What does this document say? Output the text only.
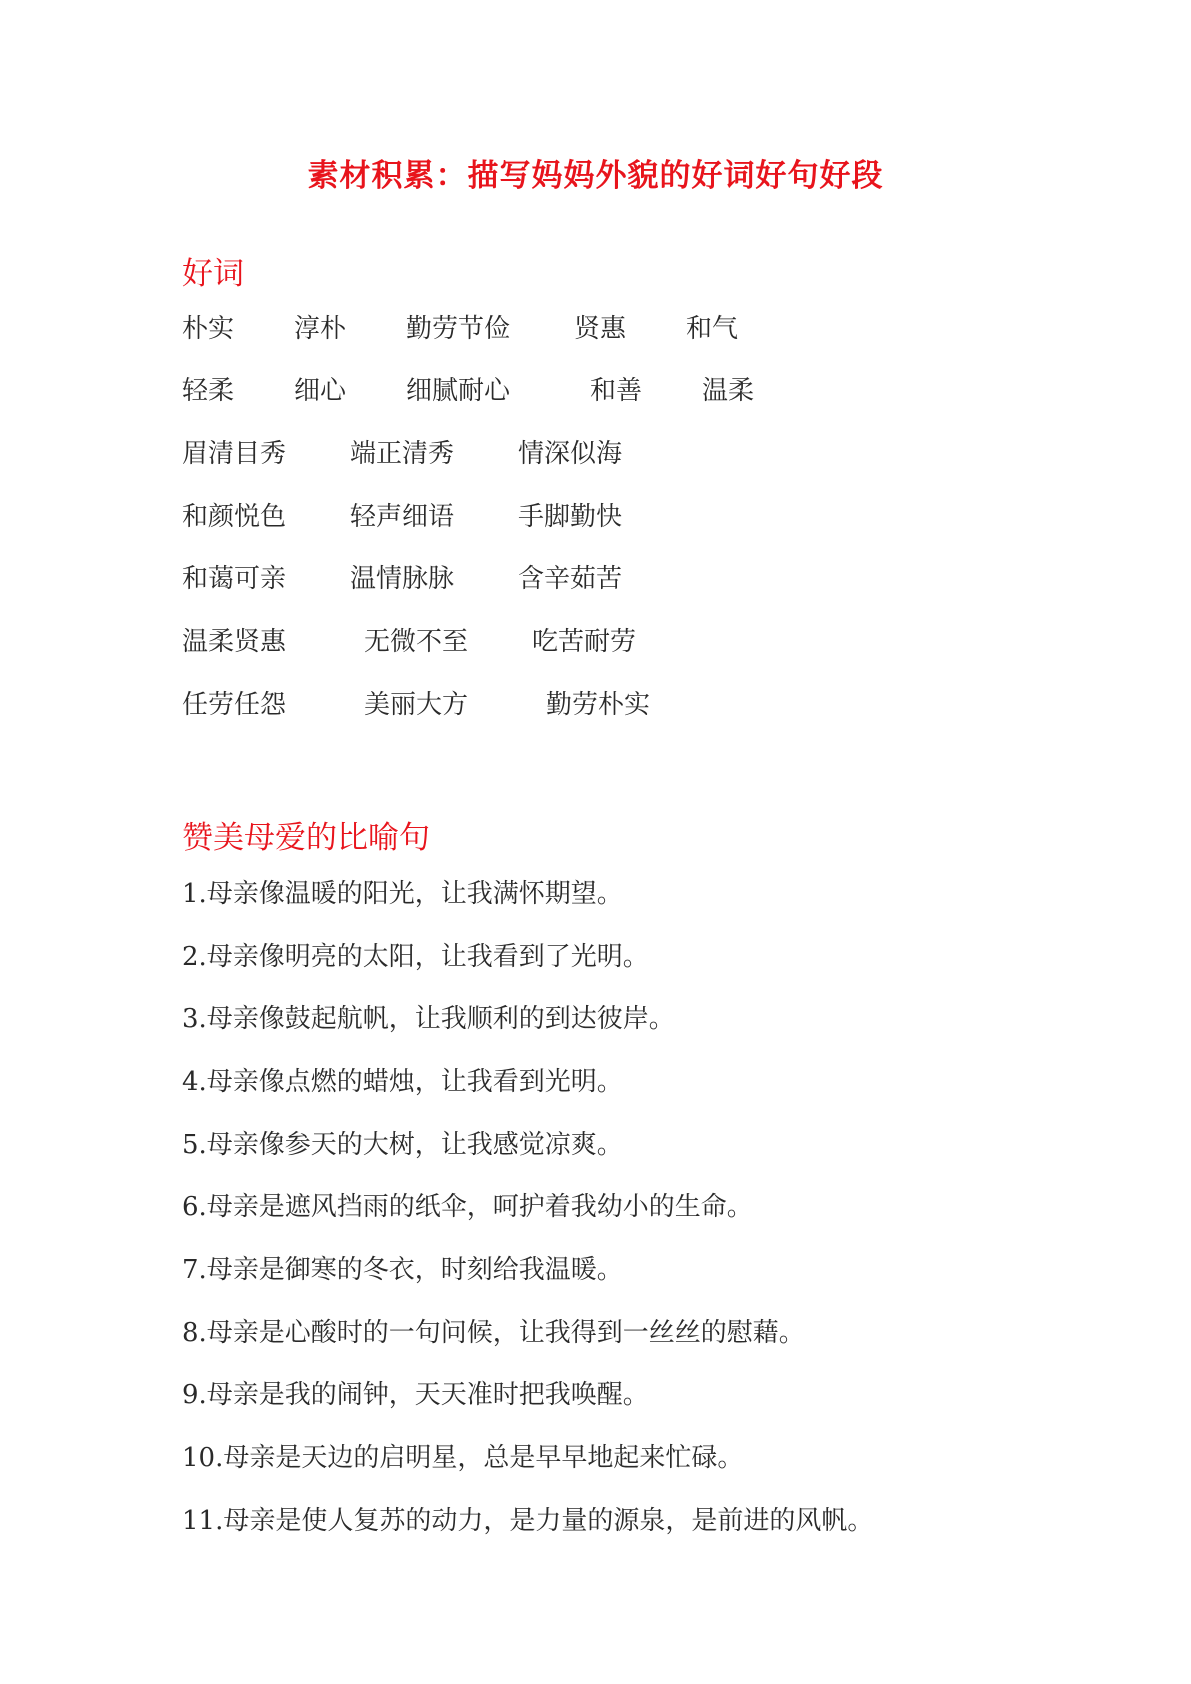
素材积累：描写妈妈外貌的好词好句好段
好词
朴实 淳朴 勤劳节俭 贤惠 和气
轻柔 细心 细腻耐心	和善 温柔
眉清目秀 端正清秀 情深似海
和颜悦色 轻声细语 手脚勤快
和蔼可亲 温情脉脉 含辛茹苦
温柔贤惠	无微不至 吃苦耐劳
任劳任怨	美丽大方	勤劳朴实
赞美母爱的比喻句
1.母亲像温暖的阳光，让我满怀期望。
2.母亲像明亮的太阳，让我看到了光明。
3.母亲像鼓起航帆，让我顺利的到达彼岸。
4.母亲像点燃的蜡烛，让我看到光明。
5.母亲像参天的大树，让我感觉凉爽。
6.母亲是遮风挡雨的纸伞，呵护着我幼小的生命。
7.母亲是御寒的冬衣，时刻给我温暖。
8.母亲是心酸时的一句问候，让我得到一丝丝的慰藉。
9.母亲是我的闹钟，天天准时把我唤醒。
10.母亲是天边的启明星，总是早早地起来忙碌。
11.母亲是使人复苏的动力，是力量的源泉，是前进的风帆。
